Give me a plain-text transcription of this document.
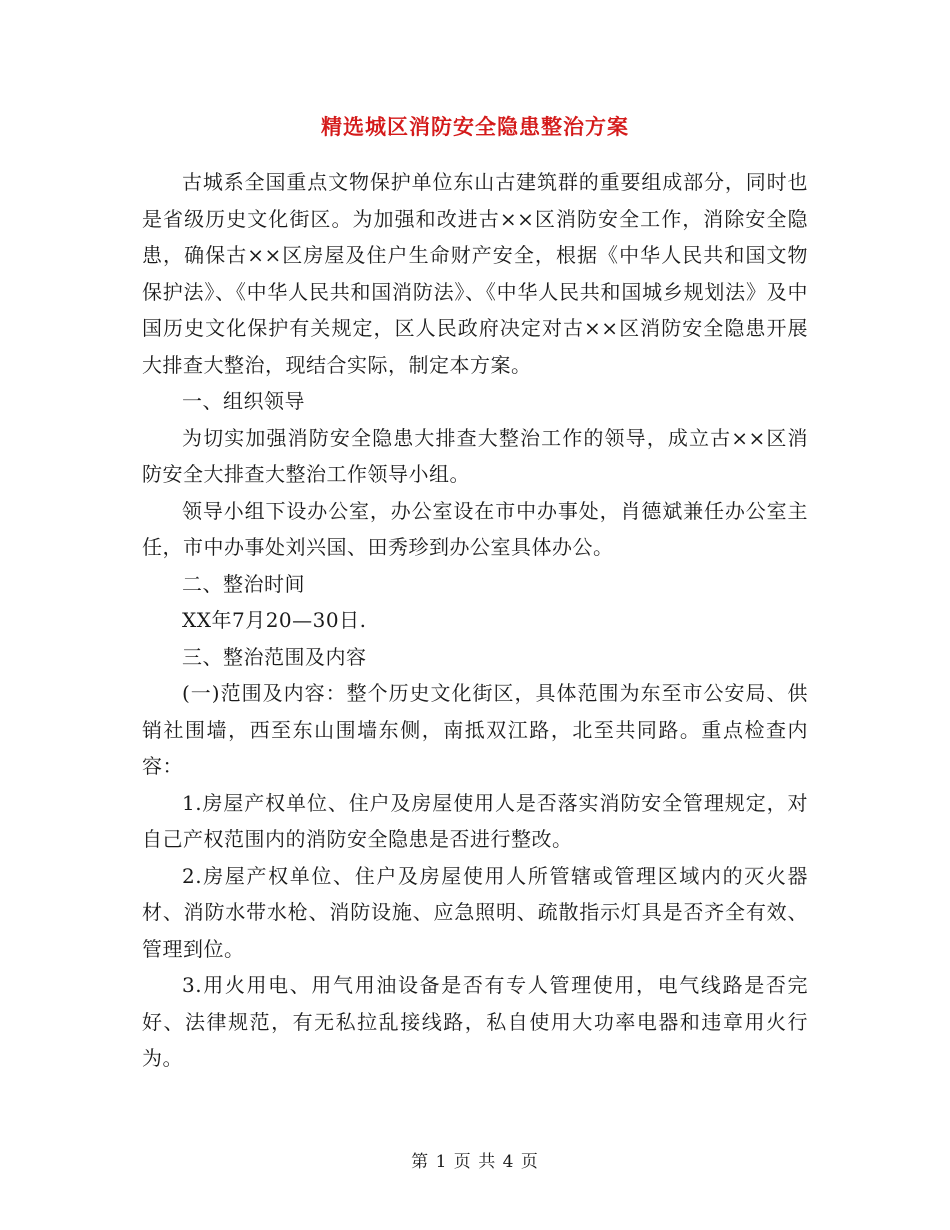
精选城区消防安全隐患整治方案

古城系全国重点文物保护单位东山古建筑群的重要组成部分，同时也是省级历史文化街区。为加强和改进古××区消防安全工作，消除安全隐患，确保古××区房屋及住户生命财产安全，根据《中华人民共和国文物保护法》、《中华人民共和国消防法》、《中华人民共和国城乡规划法》及中国历史文化保护有关规定，区人民政府决定对古××区消防安全隐患开展大排查大整治，现结合实际，制定本方案。

一、组织领导

为切实加强消防安全隐患大排查大整治工作的领导，成立古××区消防安全大排查大整治工作领导小组。

领导小组下设办公室，办公室设在市中办事处，肖德斌兼任办公室主任，市中办事处刘兴国、田秀珍到办公室具体办公。

二、整治时间

XX年7月20—30日.

三、整治范围及内容

(一)范围及内容：整个历史文化街区，具体范围为东至市公安局、供销社围墙，西至东山围墙东侧，南抵双江路，北至共同路。重点检查内容：

1.房屋产权单位、住户及房屋使用人是否落实消防安全管理规定，对自己产权范围内的消防安全隐患是否进行整改。

2.房屋产权单位、住户及房屋使用人所管辖或管理区域内的灭火器材、消防水带水枪、消防设施、应急照明、疏散指示灯具是否齐全有效、管理到位。

3.用火用电、用气用油设备是否有专人管理使用，电气线路是否完好、法律规范，有无私拉乱接线路，私自使用大功率电器和违章用火行为。

第 1 页 共 4 页
